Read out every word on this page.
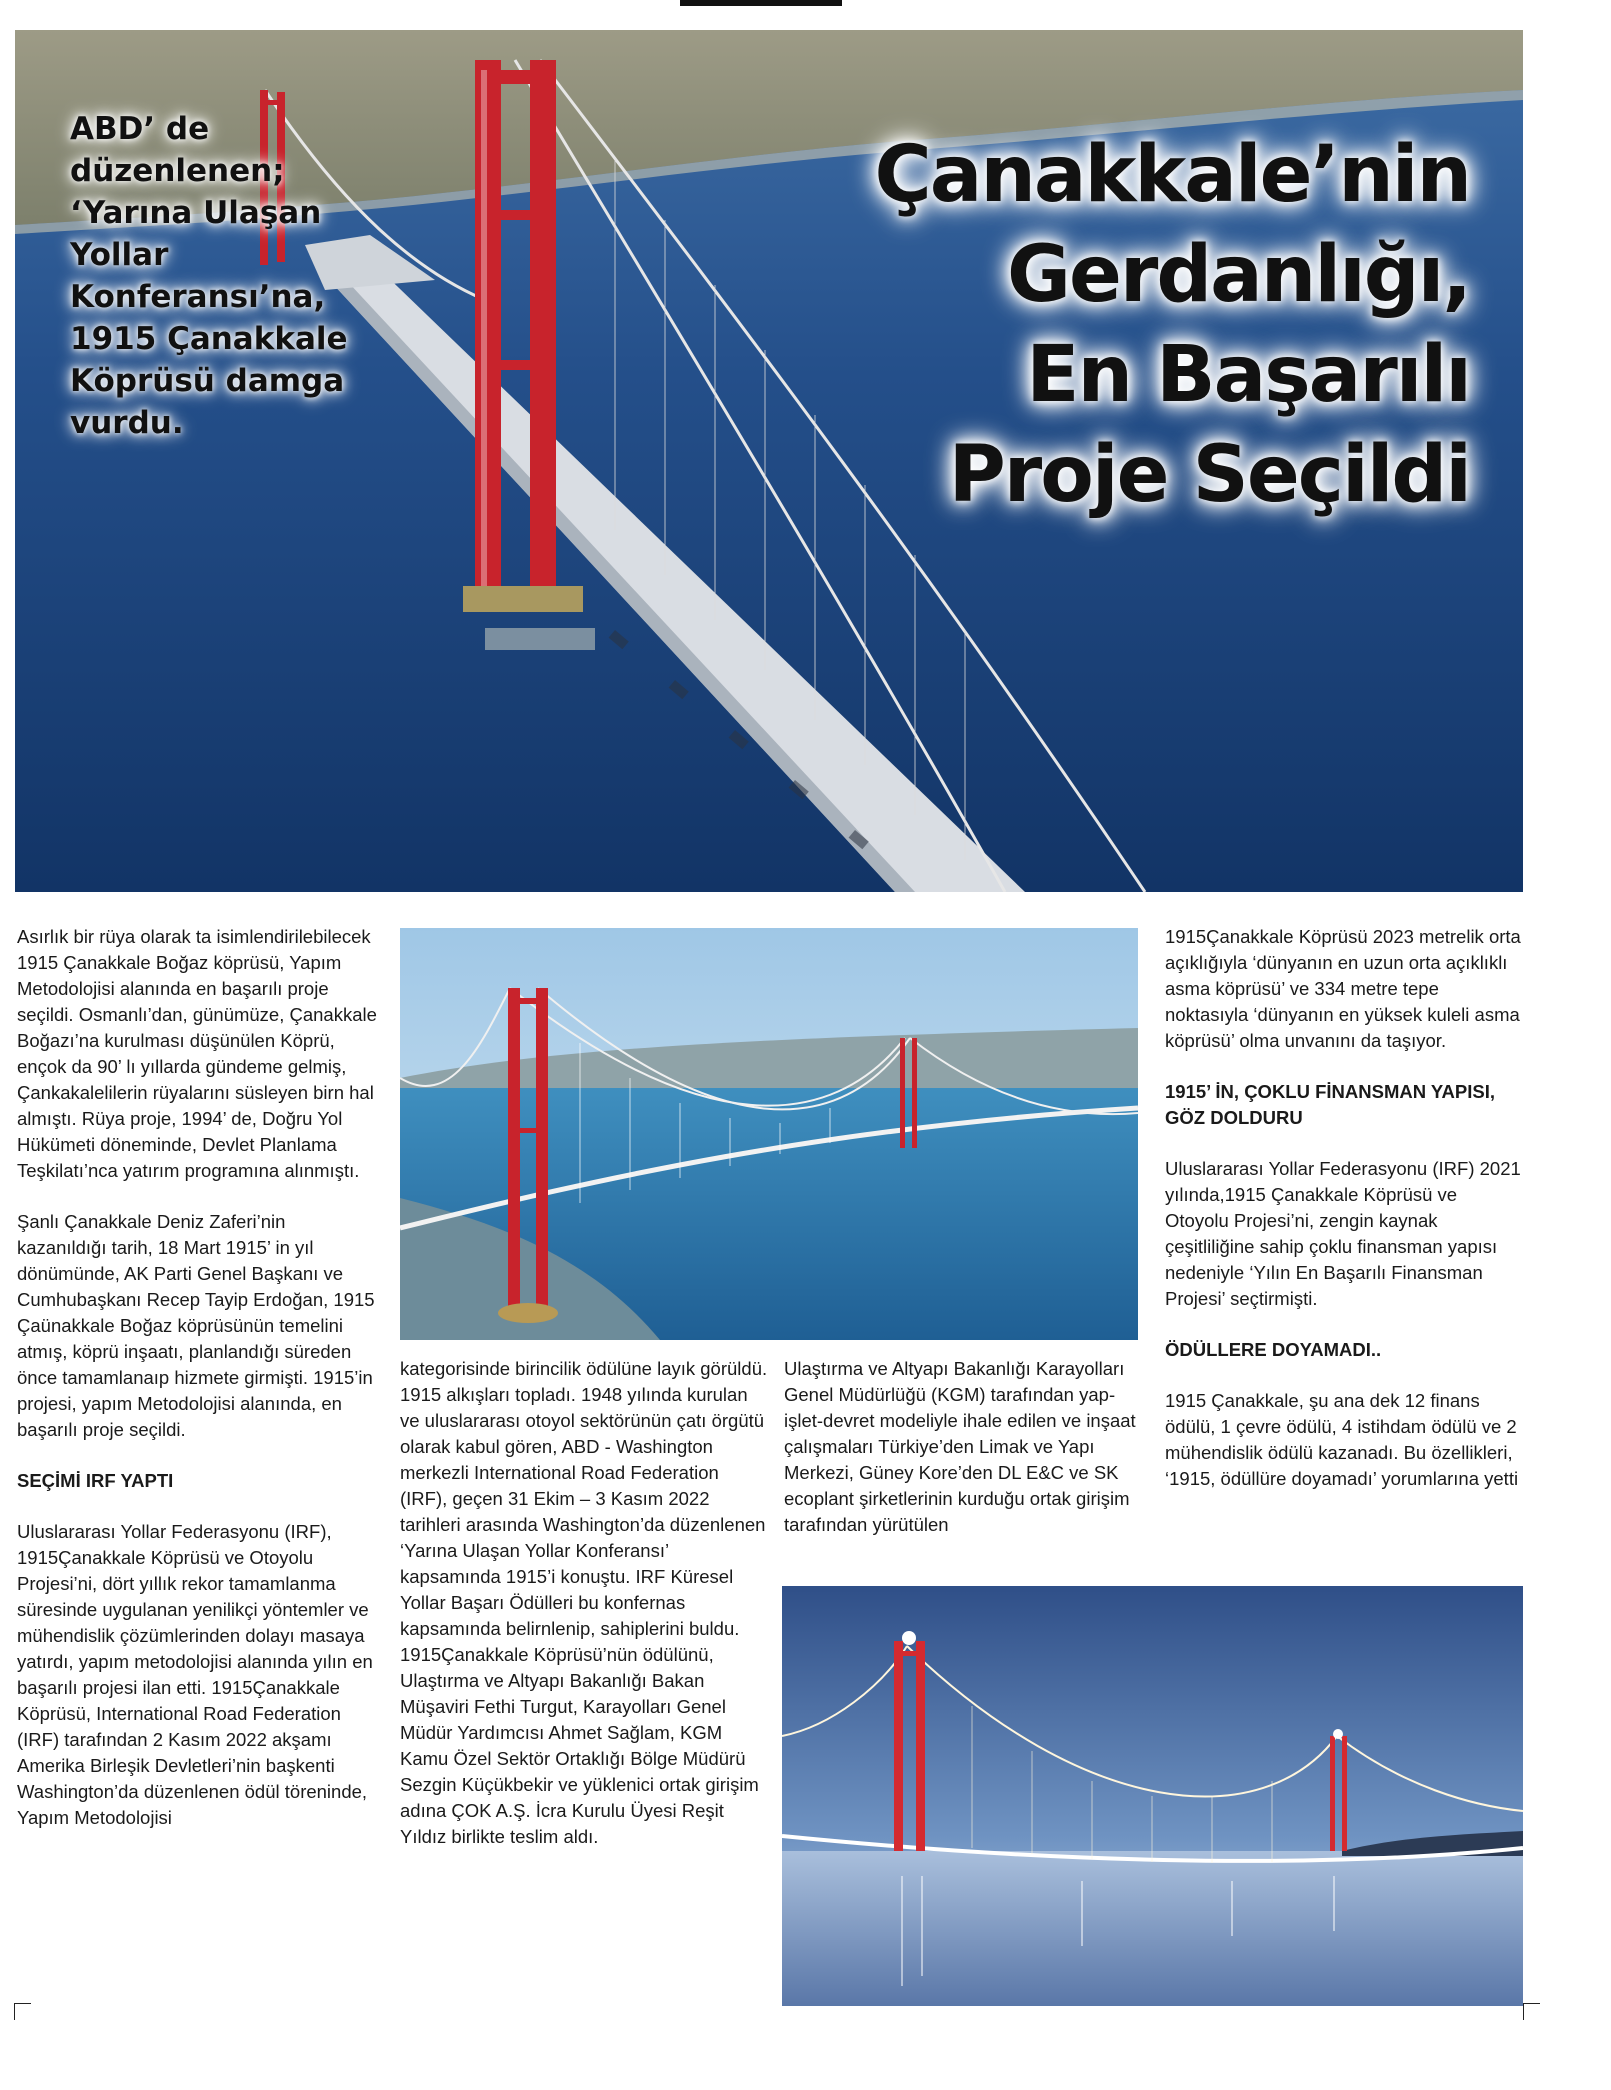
ABD’ de düzenlenen; ‘Yarına Ulaşan Yollar Konferansı’na, 1915 Çanakkale Köprüsü damga vurdu.

Çanakkale’nin
Gerdanlığı,
En Başarılı
Proje Seçildi

Asırlık bir rüya olarak ta isimlendirilebilecek 1915 Çanakkale Boğaz köprüsü, Yapım Metodolojisi alanında en başarılı proje seçildi. Osmanlı’dan, günümüze, Çanakkale Boğazı’na kurulması düşünülen Köprü, ençok da 90’ lı yıllarda gündeme gelmiş, Çankakalelilerin rüyalarını süsleyen birn hal almıştı. Rüya proje, 1994’ de, Doğru Yol Hükümeti döneminde, Devlet Planlama Teşkilatı’nca yatırım programına alınmıştı.

Şanlı Çanakkale Deniz Zaferi’nin kazanıldığı tarih, 18 Mart 1915’ in yıl dönümünde, AK Parti Genel Başkanı ve Cumhubaşkanı Recep Tayip Erdoğan, 1915 Çaünakkale Boğaz köprüsünün temelini atmış, köprü inşaatı, planlandığı süreden önce tamamlanaıp hizmete girmişti. 1915’in projesi, yapım Metodolojisi alanında, en başarılı proje seçildi.

SEÇİMİ IRF YAPTI

Uluslararası Yollar Federasyonu (IRF), 1915Çanakkale Köprüsü ve Otoyolu Projesi’ni, dört yıllık rekor tamamlanma süresinde uygulanan yenilikçi yöntemler ve mühendislik çözümlerinden dolayı masaya yatırdı, yapım metodolojisi alanında yılın en başarılı projesi ilan etti. 1915Çanakkale Köprüsü, International Road Federation (IRF) tarafından 2 Kasım 2022 akşamı Amerika Birleşik Devletleri’nin başkenti Washington’da düzenlenen ödül töreninde, Yapım Metodolojisi

kategorisinde birincilik ödülüne layık görüldü. 1915 alkışları topladı. 1948 yılında kurulan ve uluslararası otoyol sektörünün çatı örgütü olarak kabul gören, ABD - Washington merkezli International Road Federation (IRF), geçen 31 Ekim – 3 Kasım 2022 tarihleri arasında Washington’da düzenlenen ‘Yarına Ulaşan Yollar Konferansı’ kapsamında 1915’i konuştu. IRF Küresel Yollar Başarı Ödülleri bu konfernas kapsamında belirnlenip, sahiplerini buldu. 1915Çanakkale Köprüsü’nün ödülünü, Ulaştırma ve Altyapı Bakanlığı Bakan Müşaviri Fethi Turgut, Karayolları Genel Müdür Yardımcısı Ahmet Sağlam, KGM Kamu Özel Sektör Ortaklığı Bölge Müdürü Sezgin Küçükbekir ve yüklenici ortak girişim adına ÇOK A.Ş. İcra Kurulu Üyesi Reşit Yıldız birlikte teslim aldı.

Ulaştırma ve Altyapı Bakanlığı Karayolları Genel Müdürlüğü (KGM) tarafından yap- işlet-devret modeliyle ihale edilen ve inşaat çalışmaları Türkiye’den Limak ve Yapı Merkezi, Güney Kore’den DL E&C ve SK ecoplant şirketlerinin kurduğu ortak girişim tarafından yürütülen

1915Çanakkale Köprüsü 2023 metrelik orta açıklığıyla ‘dünyanın en uzun orta açıklıklı asma köprüsü’ ve 334 metre tepe noktasıyla ‘dünyanın en yüksek kuleli asma köprüsü’ olma unvanını da taşıyor.

1915’ İN, ÇOKLU FİNANSMAN YAPISI, GÖZ DOLDURU

Uluslararası Yollar Federasyonu (IRF) 2021 yılında,1915 Çanakkale Köprüsü ve Otoyolu Projesi’ni, zengin kaynak çeşitliliğine sahip çoklu finansman yapısı nedeniyle ‘Yılın En Başarılı Finansman Projesi’ seçtirmişti.

ÖDÜLLERE DOYAMADI..

1915 Çanakkale, şu ana dek 12 finans ödülü, 1 çevre ödülü, 4 istihdam ödülü ve 2 mühendislik ödülü kazanadı. Bu özellikleri, ‘1915, ödüllüre doyamadı’ yorumlarına yetti
